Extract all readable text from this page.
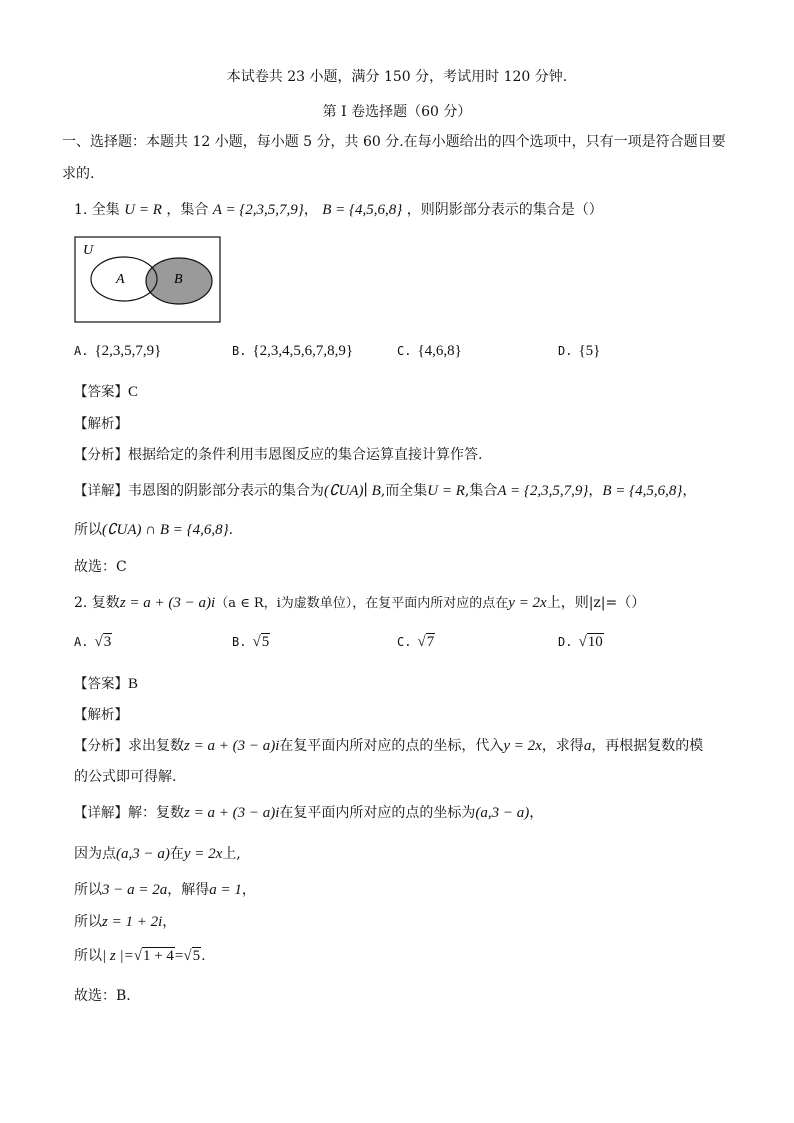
本试卷共 23 小题，满分 150 分，考试用时 120 分钟.
第 I 卷选择题（60 分）
一、选择题：本题共 12 小题，每小题 5 分，共 60 分.在每小题给出的四个选项中，只有一项是符合题目要
求的.
1. 全集 U = R ，集合 A = {2,3,5,7,9}， B = {4,5,6,8} ，则阴影部分表示的集合是（）
U
A	B
A. {2,3,5,7,9}	B. {2,3,4,5,6,7,8,9}	C. {4,6,8}	D. {5}
【答案】C
【解析】
【分析】根据给定的条件利用韦恩图反应的集合运算直接计算作答.
【详解】韦恩图的阴影部分表示的集合为(∁UA)∣ B,而全集U = R,集合A = {2,3,5,7,9}，B = {4,5,6,8}，
所以(∁UA) ∩ B = {4,6,8}.
故选：C
2. 复数z = a + (3 − a)i（a ∈ R，i为虚数单位），在复平面内所对应的点在y = 2x上，则|z|=（）
A. √3	B. √5	C. √7	D. √10
【答案】B
【解析】
【分析】求出复数z = a + (3 − a)i在复平面内所对应的点的坐标，代入y = 2x，求得a，再根据复数的模
的公式即可得解.
【详解】解：复数z = a + (3 − a)i在复平面内所对应的点的坐标为(a,3 − a)，
因为点(a,3 − a)在y = 2x上,
所以3 − a = 2a，解得a = 1，
所以z = 1 + 2i，
所以| z |=√1 + 4=√5.
故选：B.
